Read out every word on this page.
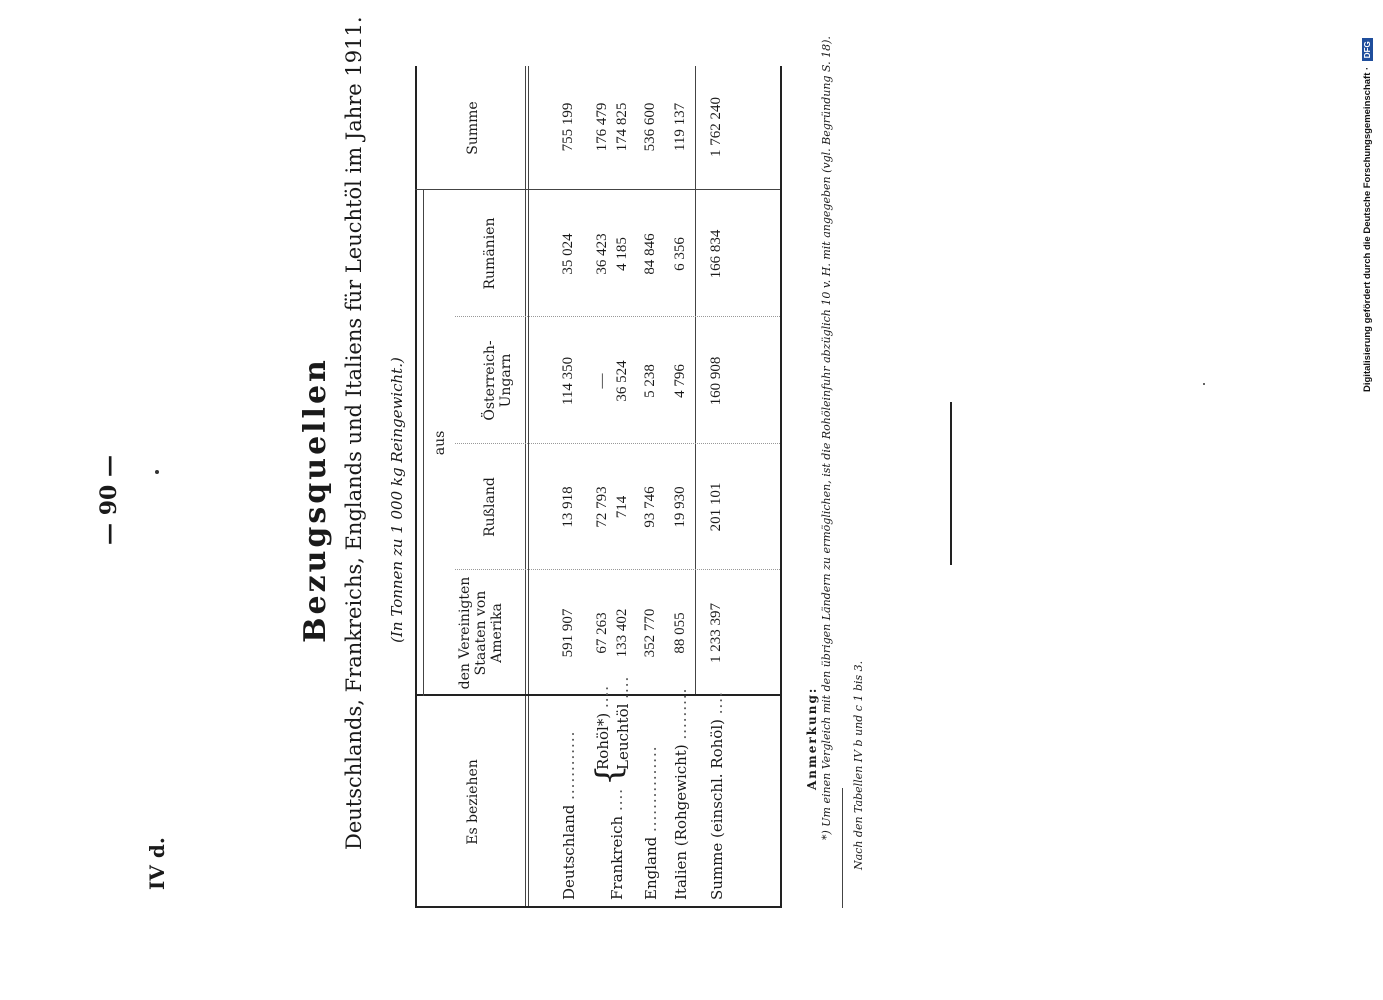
— 90 —
IV d.
Bezugsquellen Deutschlands, Frankreichs, Englands und Italiens für Leuchtöl im Jahre 1911. (In Tonnen zu 1 000 kg Reingewicht.)
Es beziehen
aus
den Vereinigten Staaten von Amerika
Rußland
Österreich-Ungarn
Rumänien
Summe
Deutschland ............
Frankreich ....
{
Rohöl*) ....
Leuchtöl ....
England ............... Italien (Rohgewicht) .........
Summe (einschl. Rohöl) ....
591 907
13 918
114 350
35 024
755 199
67 263
72 793
—
36 423
176 479
133 402
714
36 524
4 185
174 825
352 770
93 746
5 238
84 846
536 600
88 055
19 930
4 796
6 356
119 137
1 233 397
201 101
160 908
166 834
1 762 240
Anmerkung: *) Um einen Vergleich mit den übrigen Ländern zu ermöglichen, ist die Rohöleinfuhr abzüglich 10 v. H. mit angegeben (vgl. Begründung S. 18). Nach den Tabellen IV b und c 1 bis 3.
Digitalisierung gefördert durch die Deutsche Forschungsgemeinschaft · DFG
